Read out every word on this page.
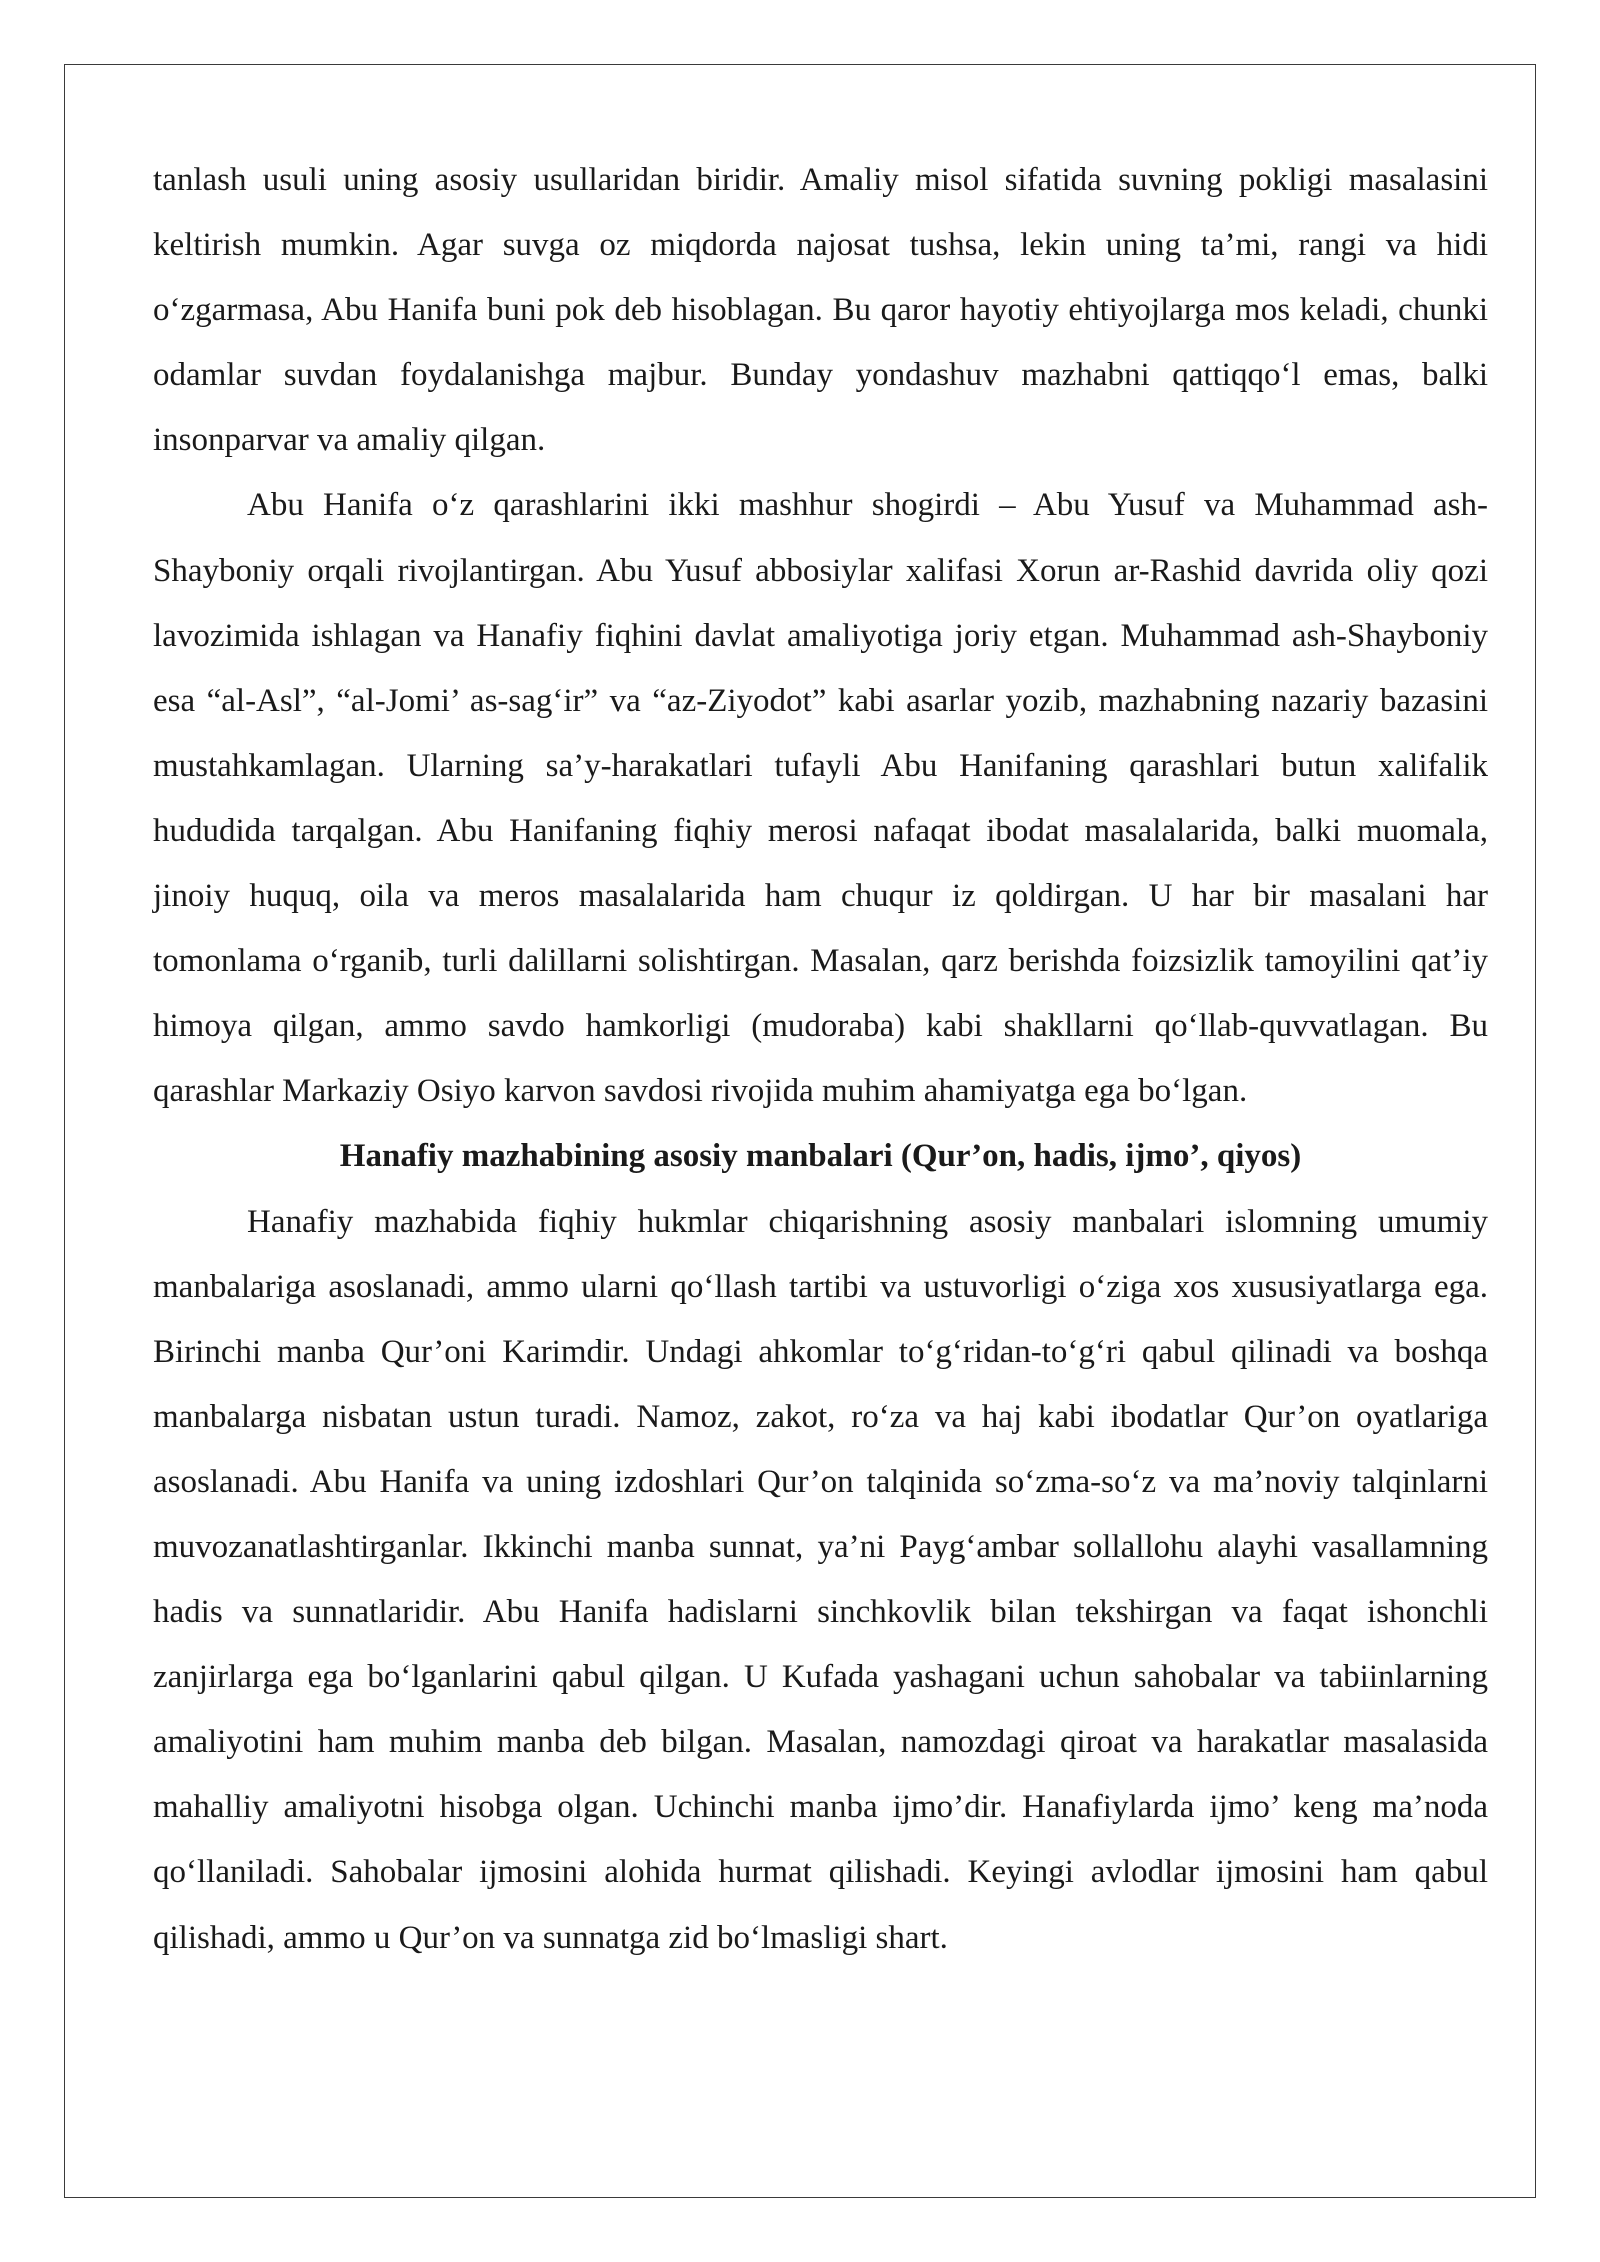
tanlash usuli uning asosiy usullaridan biridir. Amaliy misol sifatida suvning pokligi masalasini keltirish mumkin. Agar suvga oz miqdorda najosat tushsa, lekin uning ta’mi, rangi va hidi o‘zgarmasa, Abu Hanifa buni pok deb hisoblagan. Bu qaror hayotiy ehtiyojlarga mos keladi, chunki odamlar suvdan foydalanishga majbur. Bunday yondashuv mazhabni qattiqqo‘l emas, balki insonparvar va amaliy qilgan.

Abu Hanifa o‘z qarashlarini ikki mashhur shogirdi – Abu Yusuf va Muhammad ash-Shayboniy orqali rivojlantirgan. Abu Yusuf abbosiylar xalifasi Xorun ar-Rashid davrida oliy qozi lavozimida ishlagan va Hanafiy fiqhini davlat amaliyotiga joriy etgan. Muhammad ash-Shayboniy esa “al-Asl”, “al-Jomi’ as-sag‘ir” va “az-Ziyodot” kabi asarlar yozib, mazhabning nazariy bazasini mustahkamlagan. Ularning sa’y-harakatlari tufayli Abu Hanifaning qarashlari butun xalifalik hududida tarqalgan. Abu Hanifaning fiqhiy merosi nafaqat ibodat masalalarida, balki muomala, jinoiy huquq, oila va meros masalalarida ham chuqur iz qoldirgan. U har bir masalani har tomonlama o‘rganib, turli dalillarni solishtirgan. Masalan, qarz berishda foizsizlik tamoyilini qat’iy himoya qilgan, ammo savdo hamkorligi (mudoraba) kabi shakllarni qo‘llab-quvvatlagan. Bu qarashlar Markaziy Osiyo karvon savdosi rivojida muhim ahamiyatga ega bo‘lgan.

Hanafiy mazhabining asosiy manbalari (Qur’on, hadis, ijmo’, qiyos)

Hanafiy mazhabida fiqhiy hukmlar chiqarishning asosiy manbalari islomning umumiy manbalariga asoslanadi, ammo ularni qo‘llash tartibi va ustuvorligi o‘ziga xos xususiyatlarga ega. Birinchi manba Qur’oni Karimdir. Undagi ahkomlar to‘g‘ridan-to‘g‘ri qabul qilinadi va boshqa manbalarga nisbatan ustun turadi. Namoz, zakot, ro‘za va haj kabi ibodatlar Qur’on oyatlariga asoslanadi. Abu Hanifa va uning izdoshlari Qur’on talqinida so‘zma-so‘z va ma’noviy talqinlarni muvozanatlashtirganlar. Ikkinchi manba sunnat, ya’ni Payg‘ambar sollallohu alayhi vasallamning hadis va sunnatlaridir. Abu Hanifa hadislarni sinchkovlik bilan tekshirgan va faqat ishonchli zanjirlarga ega bo‘lganlarini qabul qilgan. U Kufada yashagani uchun sahobalar va tabiinlarning amaliyotini ham muhim manba deb bilgan. Masalan, namozdagi qiroat va harakatlar masalasida mahalliy amaliyotni hisobga olgan. Uchinchi manba ijmo’dir. Hanafiylarda ijmo’ keng ma’noda qo‘llaniladi. Sahobalar ijmosini alohida hurmat qilishadi. Keyingi avlodlar ijmosini ham qabul qilishadi, ammo u Qur’on va sunnatga zid bo‘lmasligi shart.
